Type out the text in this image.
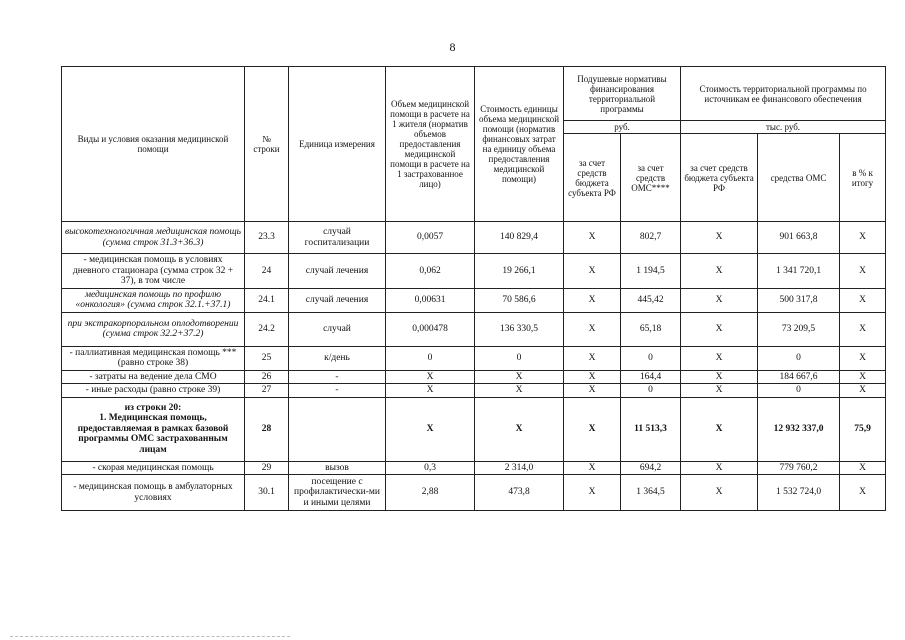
8
Виды и условия оказания медицинской помощи	№ строки	Единица измерения	Объем медицинской помощи в расчете на 1 жителя (норматив объемов предоставления медицинской помощи в расчете на 1 застрахованное лицо)	Стоимость единицы объема медицинской помощи (норматив финансовых затрат на единицу объема предоставления медицинской помощи)	Подушевые нормативы финансирования территориальной программы		Стоимость территориальной программы по источникам ее финансового обеспечения		
					руб.		тыс. руб.		
					за счет средств бюджета субъекта РФ	за счет средств ОМС****	за счет средств бюджета субъекта РФ	средства ОМС	в % к итогу
высокотехнологичная медицинская помощь (сумма строк 31.3+36.3)	23.3	случай госпитализации	0,0057	140 829,4	X	802,7	X	901 663,8	X
- медицинская помощь в условиях дневного стационара (сумма строк 32 + 37), в том числе	24	случай лечения	0,062	19 266,1	X	1 194,5	X	1 341 720,1	X
медицинская помощь по профилю «онкология» (сумма строк 32.1.+37.1)	24.1	случай лечения	0,00631	70 586,6	X	445,42	X	500 317,8	X
при экстракорпоральном оплодотворении (сумма строк 32.2+37.2)	24.2	случай	0,000478	136 330,5	X	65,18	X	73 209,5	X
- паллиативная медицинская помощь *** (равно строке 38)	25	к/день	0	0	X	0	X	0	X
- затраты на ведение дела СМО	26	-	X	X	X	164,4	X	184 667,6	X
- иные расходы (равно строке 39)	27	-	X	X	X	0	X	0	X
из строки 20:
1. Медицинская помощь, предоставляемая в рамках базовой программы ОМС застрахованным лицам	28		X	X	X	11 513,3	X	12 932 337,0	75,9
- скорая медицинская помощь	29	вызов	0,3	2 314,0	X	694,2	X	779 760,2	X
- медицинская помощь в амбулаторных условиях	30.1	посещение с профилактически-ми и иными целями	2,88	473,8	X	1 364,5	X	1 532 724,0	X
